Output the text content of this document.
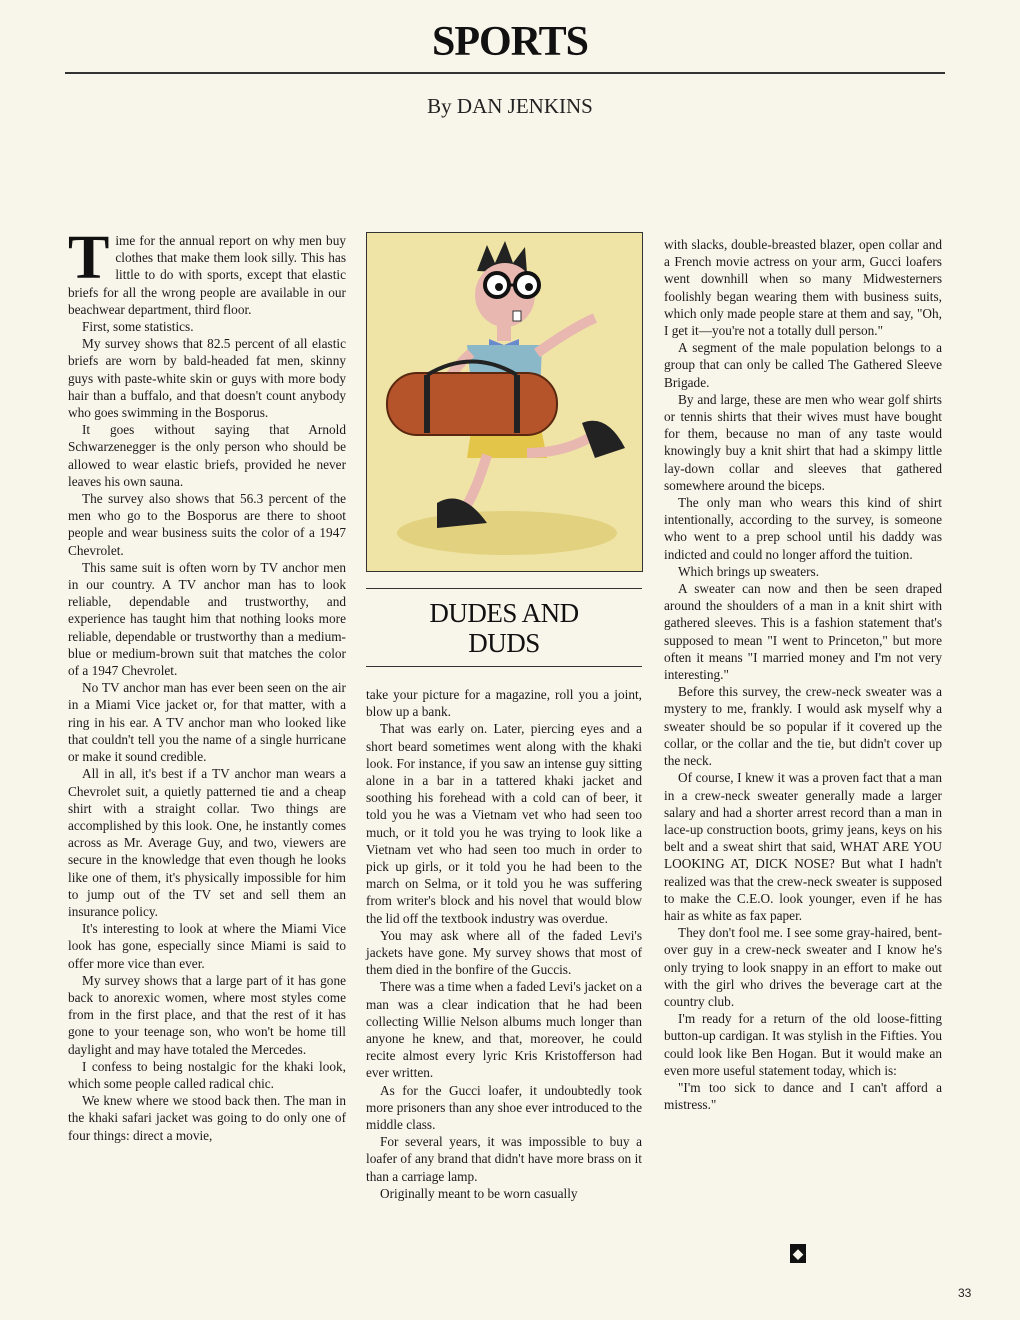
SPORTS
By DAN JENKINS

Time for the annual report on why men buy clothes that make them look silly. This has little to do with sports, except that elastic briefs for all the wrong people are available in our beachwear department, third floor.

First, some statistics.

My survey shows that 82.5 percent of all elastic briefs are worn by bald-headed fat men, skinny guys with paste-white skin or guys with more body hair than a buffalo, and that doesn't count anybody who goes swimming in the Bosporus.

It goes without saying that Arnold Schwarzenegger is the only person who should be allowed to wear elastic briefs, provided he never leaves his own sauna.

The survey also shows that 56.3 percent of the men who go to the Bosporus are there to shoot people and wear business suits the color of a 1947 Chevrolet.

This same suit is often worn by TV anchor men in our country. A TV anchor man has to look reliable, dependable and trustworthy, and experience has taught him that nothing looks more reliable, dependable or trustworthy than a medium-blue or medium-brown suit that matches the color of a 1947 Chevrolet.

No TV anchor man has ever been seen on the air in a Miami Vice jacket or, for that matter, with a ring in his ear. A TV anchor man who looked like that couldn't tell you the name of a single hurricane or make it sound credible.

All in all, it's best if a TV anchor man wears a Chevrolet suit, a quietly patterned tie and a cheap shirt with a straight collar. Two things are accomplished by this look. One, he instantly comes across as Mr. Average Guy, and two, viewers are secure in the knowledge that even though he looks like one of them, it's physically impossible for him to jump out of the TV set and sell them an insurance policy.

It's interesting to look at where the Miami Vice look has gone, especially since Miami is said to offer more vice than ever.

My survey shows that a large part of it has gone back to anorexic women, where most styles come from in the first place, and that the rest of it has gone to your teenage son, who won't be home till daylight and may have totaled the Mercedes.

I confess to being nostalgic for the khaki look, which some people called radical chic.

We knew where we stood back then. The man in the khaki safari jacket was going to do only one of four things: direct a movie,

DUDES AND
DUDS

take your picture for a magazine, roll you a joint, blow up a bank.

That was early on. Later, piercing eyes and a short beard sometimes went along with the khaki look. For instance, if you saw an intense guy sitting alone in a bar in a tattered khaki jacket and soothing his forehead with a cold can of beer, it told you he was a Vietnam vet who had seen too much, or it told you he was trying to look like a Vietnam vet who had seen too much in order to pick up girls, or it told you he had been to the march on Selma, or it told you he was suffering from writer's block and his novel that would blow the lid off the textbook industry was overdue.

You may ask where all of the faded Levi's jackets have gone. My survey shows that most of them died in the bonfire of the Guccis.

There was a time when a faded Levi's jacket on a man was a clear indication that he had been collecting Willie Nelson albums much longer than anyone he knew, and that, moreover, he could recite almost every lyric Kris Kristofferson had ever written.

As for the Gucci loafer, it undoubtedly took more prisoners than any shoe ever introduced to the middle class.

For several years, it was impossible to buy a loafer of any brand that didn't have more brass on it than a carriage lamp.

Originally meant to be worn casually

with slacks, double-breasted blazer, open collar and a French movie actress on your arm, Gucci loafers went downhill when so many Midwesterners foolishly began wearing them with business suits, which only made people stare at them and say, "Oh, I get it—you're not a totally dull person."

A segment of the male population belongs to a group that can only be called The Gathered Sleeve Brigade.

By and large, these are men who wear golf shirts or tennis shirts that their wives must have bought for them, because no man of any taste would knowingly buy a knit shirt that had a skimpy little lay-down collar and sleeves that gathered somewhere around the biceps.

The only man who wears this kind of shirt intentionally, according to the survey, is someone who went to a prep school until his daddy was indicted and could no longer afford the tuition.

Which brings up sweaters.

A sweater can now and then be seen draped around the shoulders of a man in a knit shirt with gathered sleeves. This is a fashion statement that's supposed to mean "I went to Princeton," but more often it means "I married money and I'm not very interesting."

Before this survey, the crew-neck sweater was a mystery to me, frankly. I would ask myself why a sweater should be so popular if it covered up the collar, or the collar and the tie, but didn't cover up the neck.

Of course, I knew it was a proven fact that a man in a crew-neck sweater generally made a larger salary and had a shorter arrest record than a man in lace-up construction boots, grimy jeans, keys on his belt and a sweat shirt that said, WHAT ARE YOU LOOKING AT, DICK NOSE? But what I hadn't realized was that the crew-neck sweater is supposed to make the C.E.O. look younger, even if he has hair as white as fax paper.

They don't fool me. I see some gray-haired, bent-over guy in a crew-neck sweater and I know he's only trying to look snappy in an effort to make out with the girl who drives the beverage cart at the country club.

I'm ready for a return of the old loose-fitting button-up cardigan. It was stylish in the Fifties. You could look like Ben Hogan. But it would make an even more useful statement today, which is:

"I'm too sick to dance and I can't afford a mistress."

◆
33
